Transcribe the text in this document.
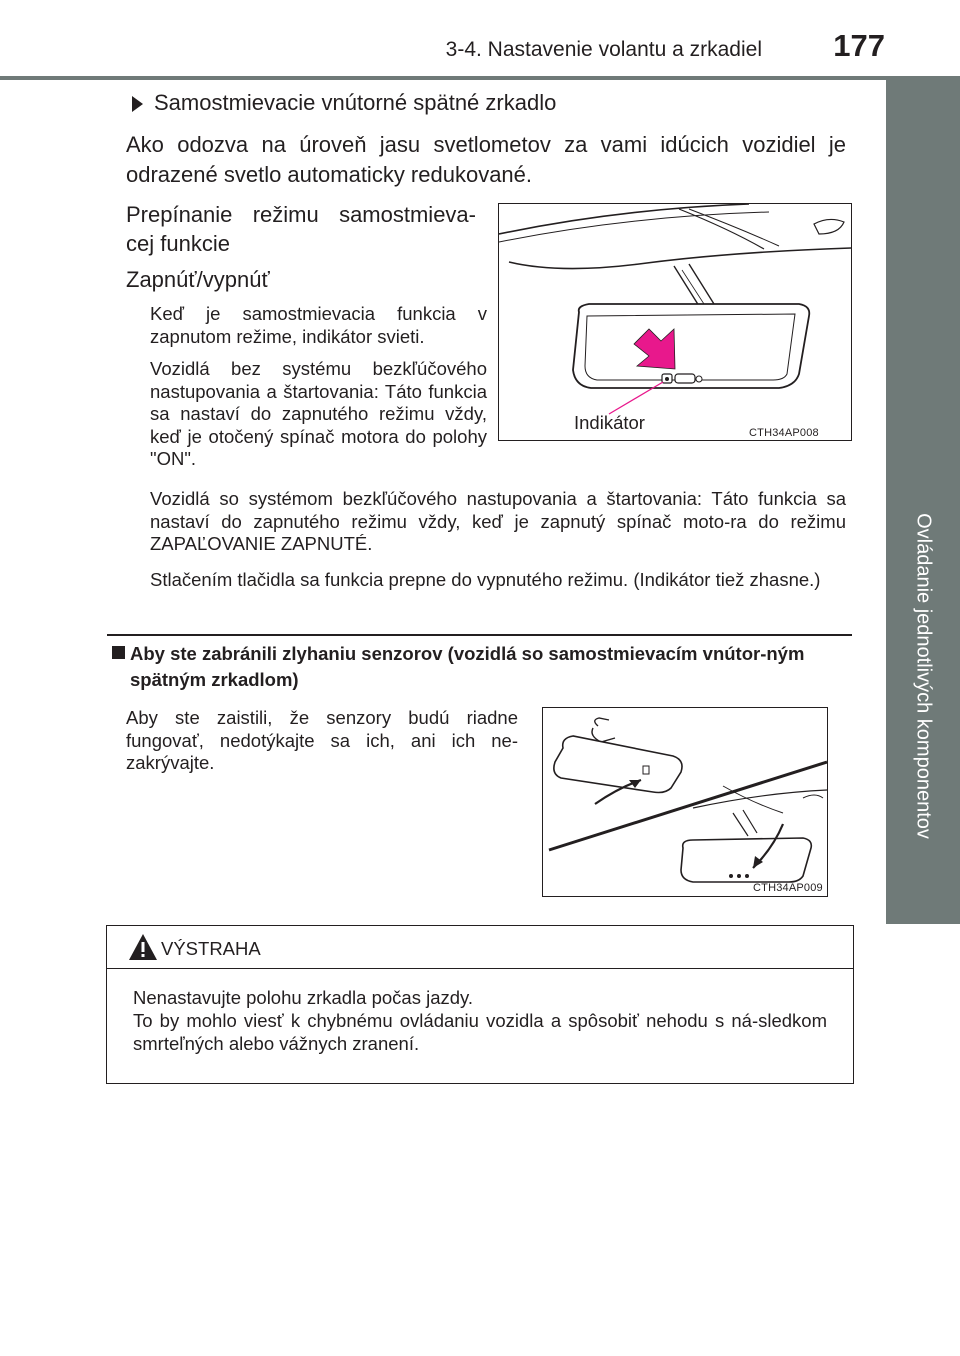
3-4. Nastavenie volantu a zrkadiel 177
Ovládanie jednotlivých komponentov
Samostmievacie vnútorné spätné zrkadlo
Ako odozva na úroveň jasu svetlometov za vami idúcich vozidiel je
odrazené svetlo automaticky redukované.
Prepínanie režimu samostmieva-
cej funkcie
Zapnúť/vypnúť
Keď je samostmievacia funkcia v zapnutom režime, indikátor svieti.
Vozidlá bez systému bezkľúčového nastupovania a štartovania: Táto funkcia sa nastaví do zapnutého režimu vždy, keď je otočený spínač motora do polohy "ON".
Vozidlá so systémom bezkľúčového nastupovania a štartovania: Táto funkcia sa nastaví do zapnutého režimu vždy, keď je zapnutý spínač moto-ra do režimu ZAPAĽOVANIE ZAPNUTÉ.
Stlačením tlačidla sa funkcia prepne do vypnutého režimu. (Indikátor tiež zhasne.)
Indikátor	CTH34AP008
Aby ste zabránili zlyhaniu senzorov (vozidlá so samostmievacím vnútor-ným spätným zrkadlom)
Aby ste zaistili, že senzory budú riadne fungovať, nedotýkajte sa ich, ani ich ne-zakrývajte.
CTH34AP009
VÝSTRAHA
Nenastavujte polohu zrkadla počas jazdy.
To by mohlo viesť k chybnému ovládaniu vozidla a spôsobiť nehodu s ná-sledkom smrteľných alebo vážnych zranení.
